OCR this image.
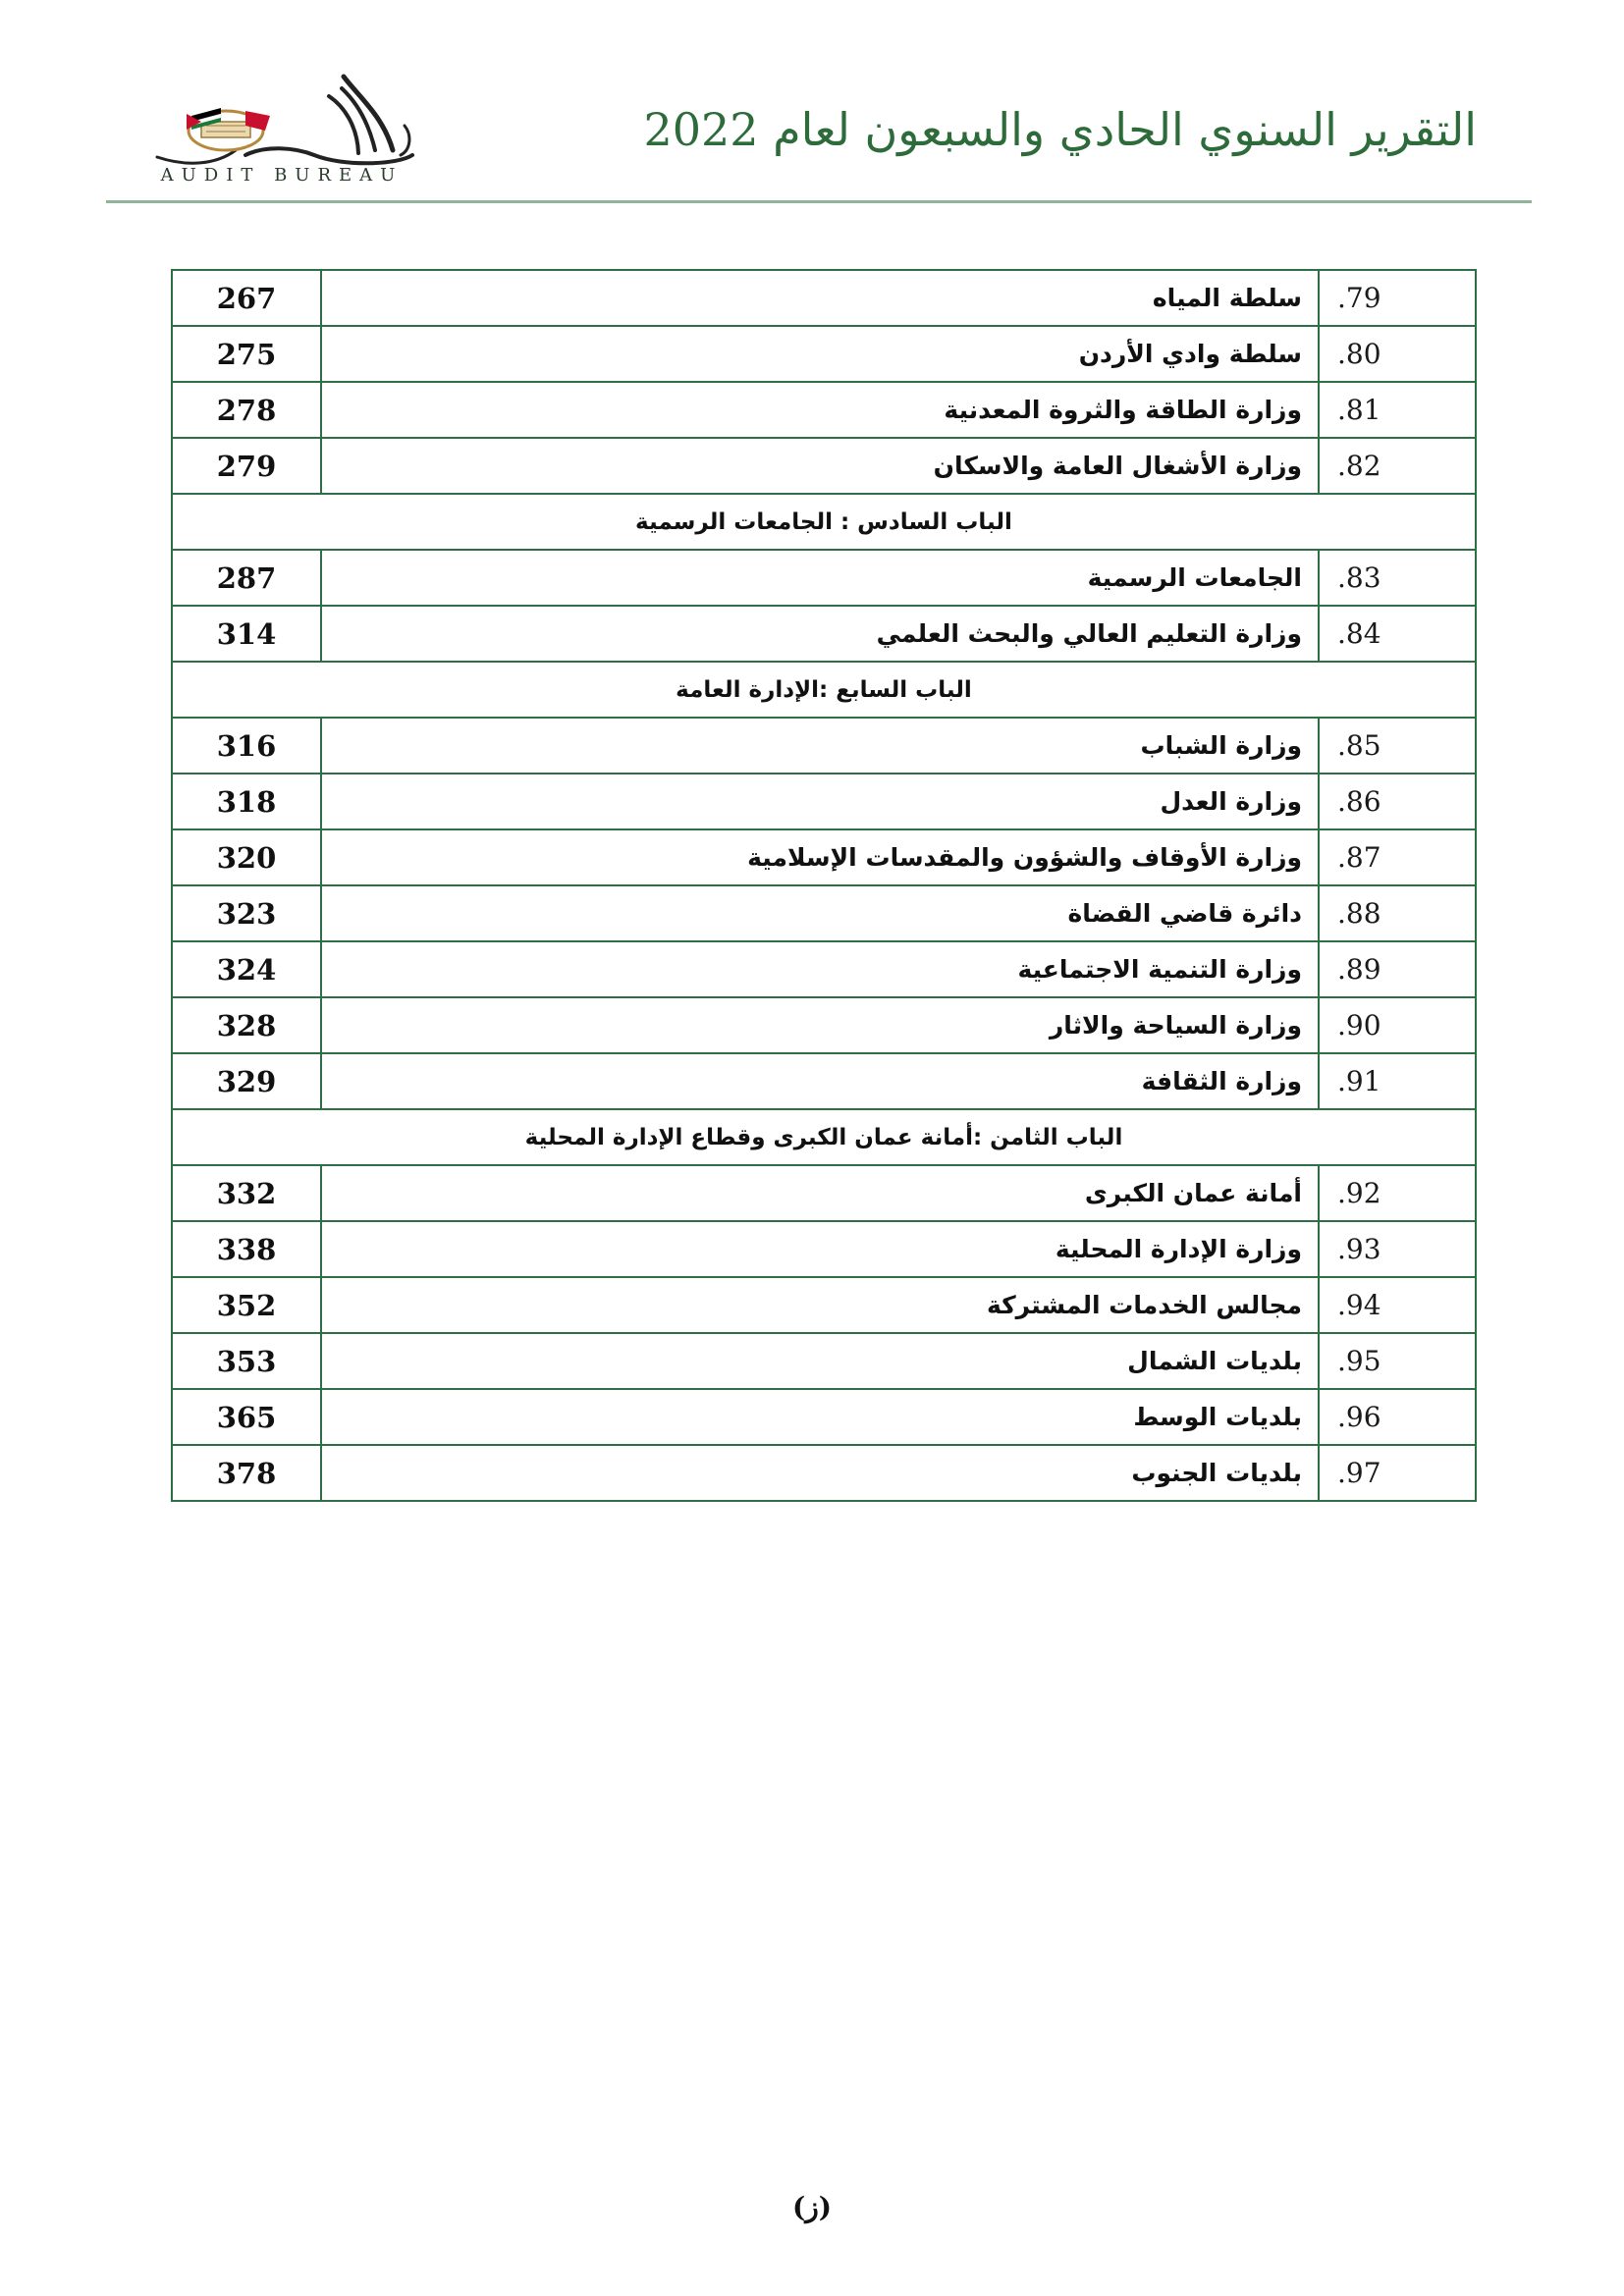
AUDIT BUREAU
التقرير السنوي الحادي والسبعون لعام 2022
.79	سلطة المياه	267
.80	سلطة وادي الأردن	275
.81	وزارة الطاقة والثروة المعدنية	278
.82	وزارة الأشغال العامة والاسكان	279
الباب السادس : الجامعات الرسمية		
.83	الجامعات الرسمية	287
.84	وزارة التعليم العالي والبحث العلمي	314
الباب السابع :الإدارة العامة		
.85	وزارة الشباب	316
.86	وزارة العدل	318
.87	وزارة الأوقاف والشؤون والمقدسات الإسلامية	320
.88	دائرة قاضي القضاة	323
.89	وزارة التنمية الاجتماعية	324
.90	وزارة السياحة والاثار	328
.91	وزارة الثقافة	329
الباب الثامن :أمانة عمان الكبرى وقطاع الإدارة المحلية		
.92	أمانة عمان الكبرى	332
.93	وزارة الإدارة المحلية	338
.94	مجالس الخدمات المشتركة	352
.95	بلديات الشمال	353
.96	بلديات الوسط	365
.97	بلديات الجنوب	378
(ز)
